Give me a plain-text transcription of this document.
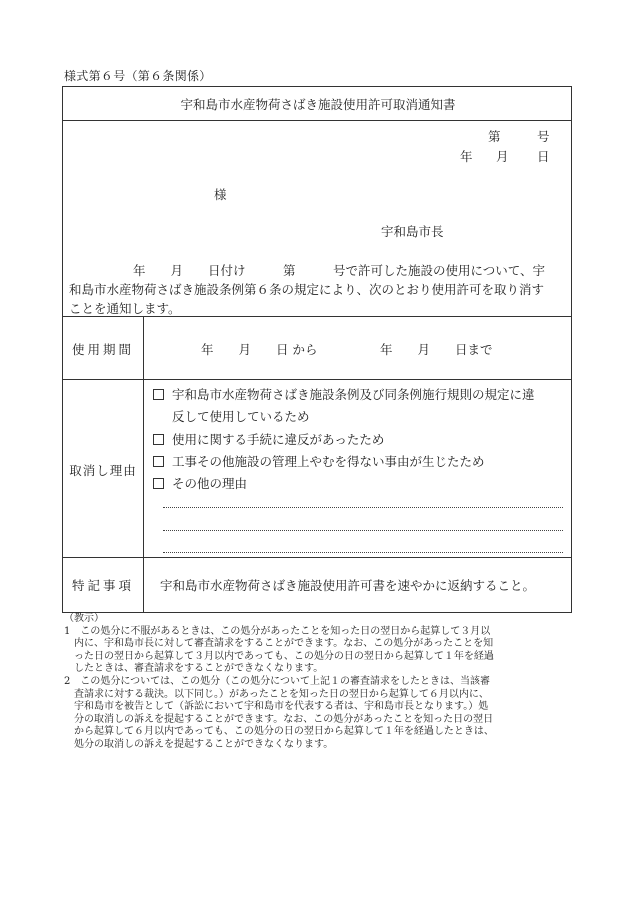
様式第６号（第６条関係）
宇和島市水産物荷さばき施設使用許可取消通知書
第	号
年 月 日
様
宇和島市長
年　　月　　日付け　　　第　　　号で許可した施設の使用について、宇
和島市水産物荷さばき施設条例第６条の規定により、次のとおり使用許可を取り消す
ことを通知します。
使用期間	年　　月　　日 から　　　　　年　　月　　日まで
取消し理由
宇和島市水産物荷さばき施設条例及び同条例施行規則の規定に違
反して使用しているため
使用に関する手続に違反があったため
工事その他施設の管理上やむを得ない事由が生じたため
その他の理由
特記事項	宇和島市水産物荷さばき施設使用許可書を速やかに返納すること。
（教示）
1　この処分に不服があるときは、この処分があったことを知った日の翌日から起算して３月以
内に、宇和島市長に対して審査請求をすることができます。なお、この処分があったことを知
った日の翌日から起算して３月以内であっても、この処分の日の翌日から起算して１年を経過
したときは、審査請求をすることができなくなります。
2　この処分については、この処分（この処分について上記１の審査請求をしたときは、当該審
査請求に対する裁決。以下同じ。）があったことを知った日の翌日から起算して６月以内に、
宇和島市を被告として（訴訟において宇和島市を代表する者は、宇和島市長となります。）処
分の取消しの訴えを提起することができます。なお、この処分があったことを知った日の翌日
から起算して６月以内であっても、この処分の日の翌日から起算して１年を経過したときは、
処分の取消しの訴えを提起することができなくなります。
